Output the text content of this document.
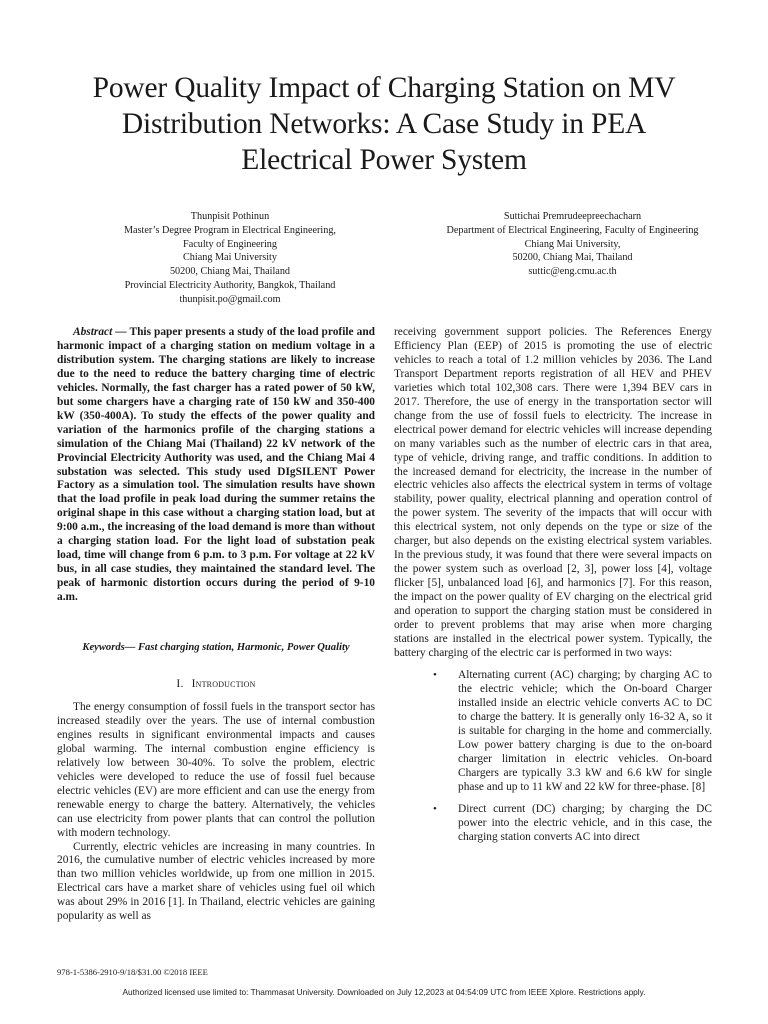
Power Quality Impact of Charging Station on MV
Distribution Networks: A Case Study in PEA
Electrical Power System
Thunpisit Pothinun
Master’s Degree Program in Electrical Engineering,
Faculty of Engineering
Chiang Mai University
50200, Chiang Mai, Thailand
Provincial Electricity Authority, Bangkok, Thailand
thunpisit.po@gmail.com
Suttichai Premrudeepreechacharn
Department of Electrical Engineering, Faculty of Engineering
Chiang Mai University,
50200, Chiang Mai, Thailand
suttic@eng.cmu.ac.th

Abstract — This paper presents a study of the load profile and harmonic impact of a charging station on medium voltage in a distribution system. The charging stations are likely to increase due to the need to reduce the battery charging time of electric vehicles. Normally, the fast charger has a rated power of 50 kW, but some chargers have a charging rate of 150 kW and 350-400 kW (350-400A). To study the effects of the power quality and variation of the harmonics profile of the charging stations a simulation of the Chiang Mai (Thailand) 22 kV network of the Provincial Electricity Authority was used, and the Chiang Mai 4 substation was selected. This study used DIgSILENT Power Factory as a simulation tool. The simulation results have shown that the load profile in peak load during the summer retains the original shape in this case without a charging station load, but at 9:00 a.m., the increasing of the load demand is more than without a charging station load. For the light load of substation peak load, time will change from 6 p.m. to 3 p.m. For voltage at 22 kV bus, in all case studies, they maintained the standard level. The peak of harmonic distortion occurs during the period of 9-10 a.m.

Keywords— Fast charging station, Harmonic, Power Quality

I. Introduction

The energy consumption of fossil fuels in the transport sector has increased steadily over the years. The use of internal combustion engines results in significant environmental impacts and causes global warming. The internal combustion engine efficiency is relatively low between 30-40%. To solve the problem, electric vehicles were developed to reduce the use of fossil fuel because electric vehicles (EV) are more efficient and can use the energy from renewable energy to charge the battery. Alternatively, the vehicles can use electricity from power plants that can control the pollution with modern technology.

Currently, electric vehicles are increasing in many countries. In 2016, the cumulative number of electric vehicles increased by more than two million vehicles worldwide, up from one million in 2015. Electrical cars have a market share of vehicles using fuel oil which was about 29% in 2016 [1]. In Thailand, electric vehicles are gaining popularity as well as

receiving government support policies. The References Energy Efficiency Plan (EEP) of 2015 is promoting the use of electric vehicles to reach a total of 1.2 million vehicles by 2036. The Land Transport Department reports registration of all HEV and PHEV varieties which total 102,308 cars. There were 1,394 BEV cars in 2017. Therefore, the use of energy in the transportation sector will change from the use of fossil fuels to electricity. The increase in electrical power demand for electric vehicles will increase depending on many variables such as the number of electric cars in that area, type of vehicle, driving range, and traffic conditions. In addition to the increased demand for electricity, the increase in the number of electric vehicles also affects the electrical system in terms of voltage stability, power quality, electrical planning and operation control of the power system. The severity of the impacts that will occur with this electrical system, not only depends on the type or size of the charger, but also depends on the existing electrical system variables. In the previous study, it was found that there were several impacts on the power system such as overload [2, 3], power loss [4], voltage flicker [5], unbalanced load [6], and harmonics [7]. For this reason, the impact on the power quality of EV charging on the electrical grid and operation to support the charging station must be considered in order to prevent problems that may arise when more charging stations are installed in the electrical power system. Typically, the battery charging of the electric car is performed in two ways:

• Alternating current (AC) charging; by charging AC to the electric vehicle; which the On-board Charger installed inside an electric vehicle converts AC to DC to charge the battery. It is generally only 16-32 A, so it is suitable for charging in the home and commercially. Low power battery charging is due to the on-board charger limitation in electric vehicles. On-board Chargers are typically 3.3 kW and 6.6 kW for single phase and up to 11 kW and 22 kW for three-phase. [8]
• Direct current (DC) charging; by charging the DC power into the electric vehicle, and in this case, the charging station converts AC into direct
978-1-5386-2910-9/18/$31.00 ©2018 IEEE
Authorized licensed use limited to: Thammasat University. Downloaded on July 12,2023 at 04:54:09 UTC from IEEE Xplore. Restrictions apply.
